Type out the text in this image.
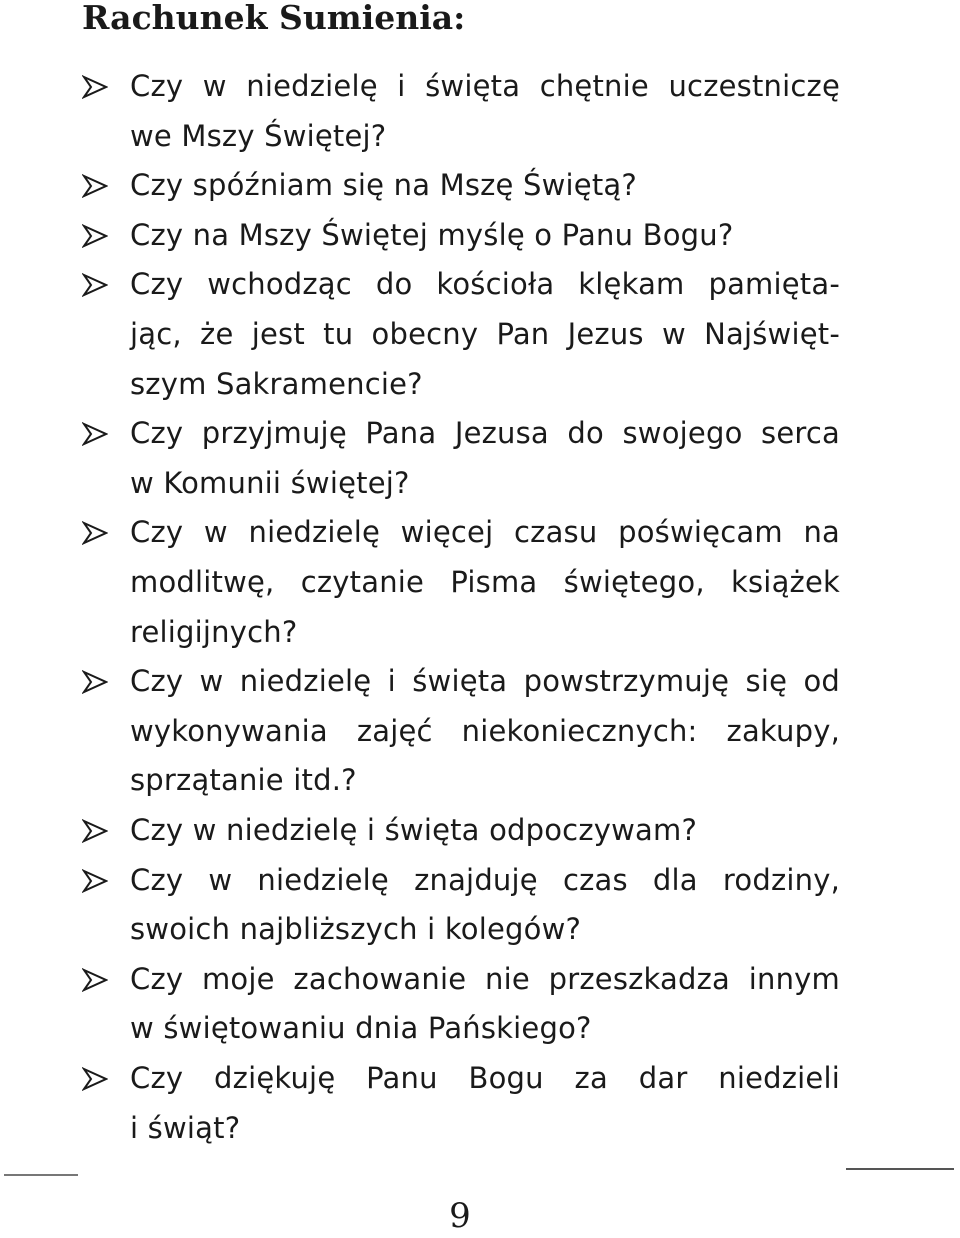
Rachunek Sumienia:
Czy w niedzielę i święta chętnie uczestniczę
we Mszy Świętej?
Czy spóźniam się na Mszę Świętą?
Czy na Mszy Świętej myślę o Panu Bogu?
Czy wchodząc do kościoła klękam pamięta-
jąc, że jest tu obecny Pan Jezus w Najświęt-
szym Sakramencie?
Czy przyjmuję Pana Jezusa do swojego serca
w Komunii świętej?
Czy w niedzielę więcej czasu poświęcam na
modlitwę, czytanie Pisma świętego, książek
religijnych?
Czy w niedzielę i święta powstrzymuję się od
wykonywania zajęć niekoniecznych: zakupy,
sprzątanie itd.?
Czy w niedzielę i święta odpoczywam?
Czy w niedzielę znajduję czas dla rodziny,
swoich najbliższych i kolegów?
Czy moje zachowanie nie przeszkadza innym
w świętowaniu dnia Pańskiego?
Czy dziękuję Panu Bogu za dar niedzieli
i świąt?
9
